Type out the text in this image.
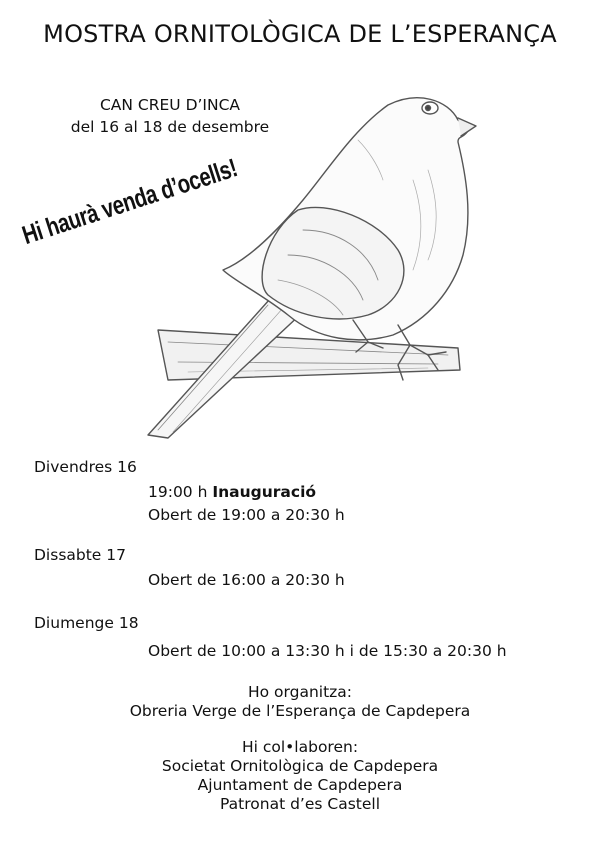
MOSTRA ORNITOLÒGICA DE L’ESPERANÇA
CAN CREU D’INCA
del 16 al 18 de desembre
Hi haurà venda d’ocells!
Divendres 16
19:00 h Inauguració
Obert de 19:00 a 20:30 h
Dissabte 17
Obert de 16:00 a 20:30 h
Diumenge 18
Obert de 10:00 a 13:30 h i de 15:30 a 20:30 h
Ho organitza:
Obreria Verge de l’Esperança de Capdepera
Hi col•laboren:
Societat Ornitològica de Capdepera
Ajuntament de Capdepera
Patronat d’es Castell
